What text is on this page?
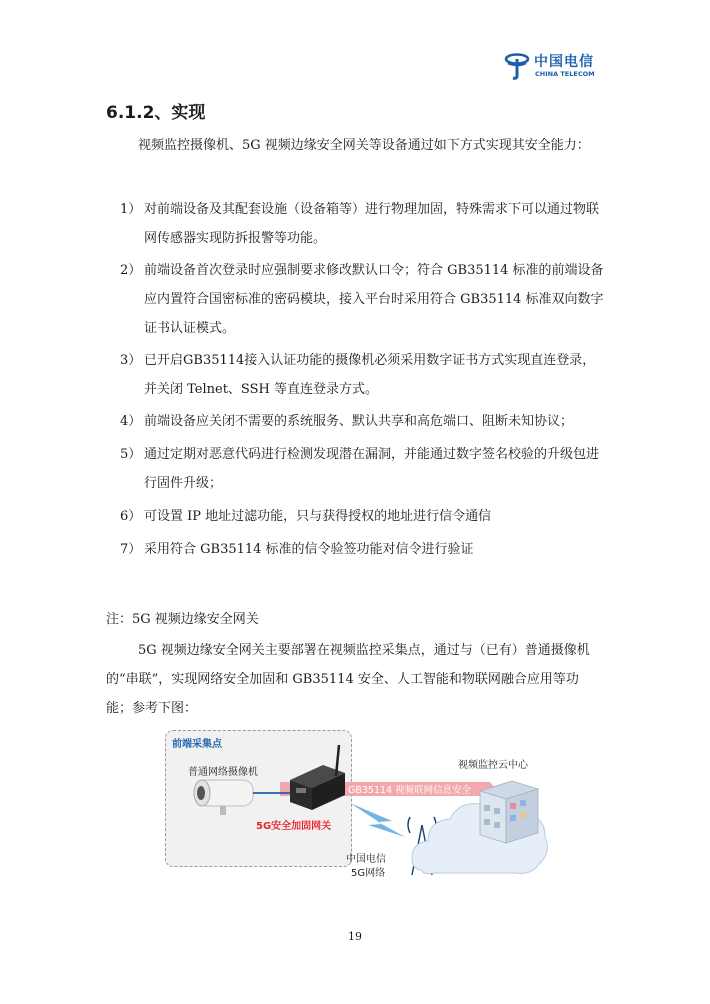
中国电信
CHINA TELECOM
6.1.2、实现

视频监控摄像机、5G 视频边缘安全网关等设备通过如下方式实现其安全能力：

1） 对前端设备及其配套设施（设备箱等）进行物理加固，特殊需求下可以通过物联网传感器实现防拆报警等功能。
2） 前端设备首次登录时应强制要求修改默认口令；符合 GB35114 标准的前端设备应内置符合国密标准的密码模块，接入平台时采用符合 GB35114 标准双向数字证书认证模式。
3） 已开启GB35114接入认证功能的摄像机必须采用数字证书方式实现直连登录，并关闭 Telnet、SSH 等直连登录方式。
4） 前端设备应关闭不需要的系统服务、默认共享和高危端口、阻断未知协议；
5） 通过定期对恶意代码进行检测发现潜在漏洞，并能通过数字签名校验的升级包进行固件升级；
6） 可设置 IP 地址过滤功能，只与获得授权的地址进行信令通信
7） 采用符合 GB35114 标准的信令验签功能对信令进行验证
注：5G 视频边缘安全网关

5G 视频边缘安全网关主要部署在视频监控采集点，通过与（已有）普通摄像机的“串联”，实现网络安全加固和 GB35114 安全、人工智能和物联网融合应用等功能；参考下图：

前端采集点
普通网络摄像机
GB35114 视频联网信息安全
5G安全加固网关
中国电信
5G网络
视频监控云中心
19
